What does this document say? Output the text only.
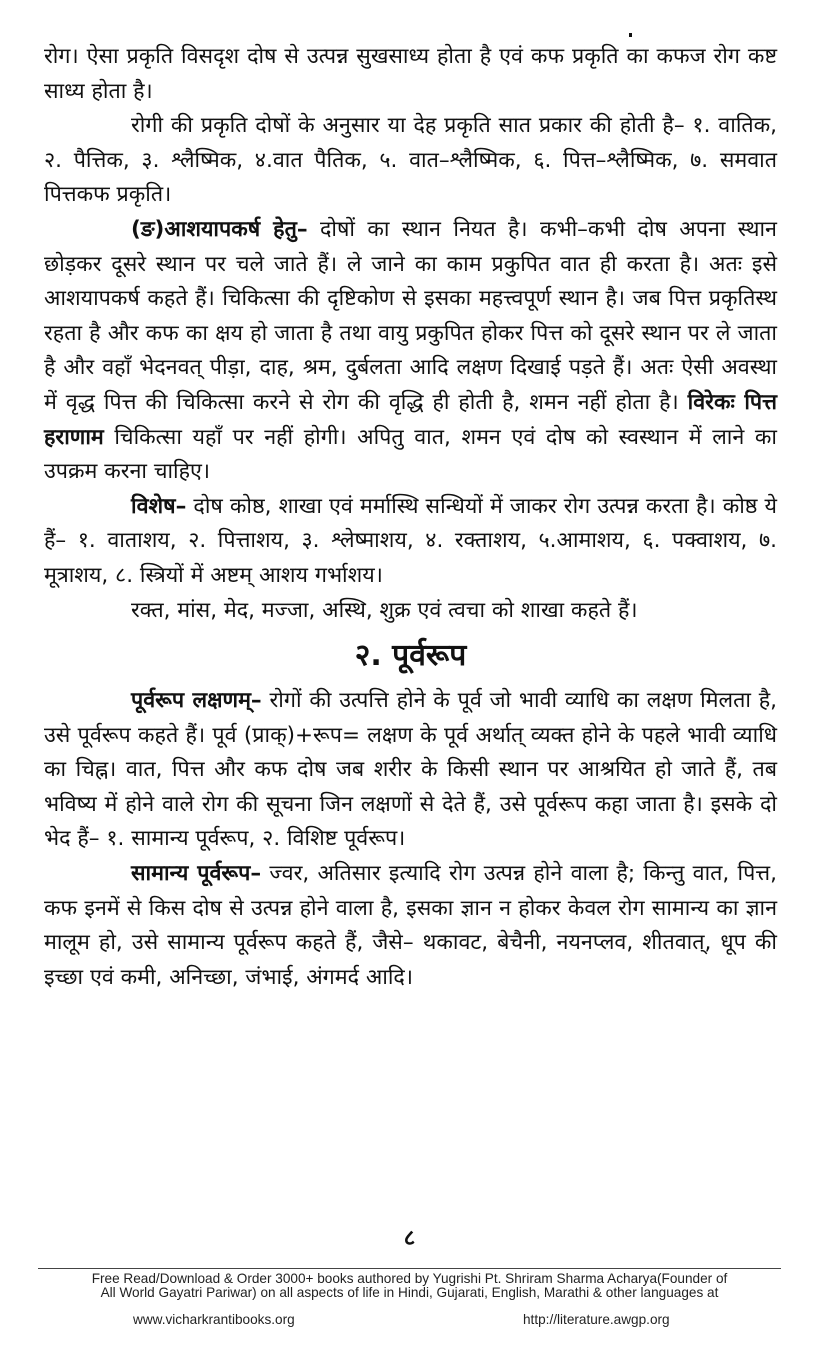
रोग। ऐसा प्रकृति विसदृश दोष से उत्पन्न सुखसाध्य होता है एवं कफ प्रकृति का कफज रोग कष्ट साध्य होता है।

रोगी की प्रकृति दोषों के अनुसार या देह प्रकृति सात प्रकार की होती है– १. वातिक, २. पैत्तिक, ३. श्लैष्मिक, ४.वात पैतिक, ५. वात–श्लैष्मिक, ६. पित्त–श्लैष्मिक, ७. समवात पित्तकफ प्रकृति।

(ङ)आशयापकर्ष हेतु– दोषों का स्थान नियत है। कभी–कभी दोष अपना स्थान छोड़कर दूसरे स्थान पर चले जाते हैं। ले जाने का काम प्रकुपित वात ही करता है। अतः इसे आशयापकर्ष कहते हैं। चिकित्सा की दृष्टिकोण से इसका महत्त्वपूर्ण स्थान है। जब पित्त प्रकृतिस्थ रहता है और कफ का क्षय हो जाता है तथा वायु प्रकुपित होकर पित्त को दूसरे स्थान पर ले जाता है और वहाँ भेदनवत् पीड़ा, दाह, श्रम, दुर्बलता आदि लक्षण दिखाई पड़ते हैं। अतः ऐसी अवस्था में वृद्ध पित्त की चिकित्सा करने से रोग की वृद्धि ही होती है, शमन नहीं होता है। विरेकः पित्त हराणाम चिकित्सा यहाँ पर नहीं होगी। अपितु वात, शमन एवं दोष को स्वस्थान में लाने का उपक्रम करना चाहिए।

विशेष– दोष कोष्ठ, शाखा एवं मर्मास्थि सन्धियों में जाकर रोग उत्पन्न करता है। कोष्ठ ये हैं– १. वाताशय, २. पित्ताशय, ३. श्लेष्माशय, ४. रक्ताशय, ५.आमाशय, ६. पक्वाशय, ७. मूत्राशय, ८. स्त्रियों में अष्टम् आशय गर्भाशय।

रक्त, मांस, मेद, मज्जा, अस्थि, शुक्र एवं त्वचा को शाखा कहते हैं।

२. पूर्वरूप

पूर्वरूप लक्षणम्– रोगों की उत्पत्ति होने के पूर्व जो भावी व्याधि का लक्षण मिलता है, उसे पूर्वरूप कहते हैं। पूर्व (प्राक्)+रूप= लक्षण के पूर्व अर्थात् व्यक्त होने के पहले भावी व्याधि का चिह्न। वात, पित्त और कफ दोष जब शरीर के किसी स्थान पर आश्रयित हो जाते हैं, तब भविष्य में होने वाले रोग की सूचना जिन लक्षणों से देते हैं, उसे पूर्वरूप कहा जाता है। इसके दो भेद हैं– १. सामान्य पूर्वरूप, २. विशिष्ट पूर्वरूप।

सामान्य पूर्वरूप– ज्वर, अतिसार इत्यादि रोग उत्पन्न होने वाला है; किन्तु वात, पित्त, कफ इनमें से किस दोष से उत्पन्न होने वाला है, इसका ज्ञान न होकर केवल रोग सामान्य का ज्ञान मालूम हो, उसे सामान्य पूर्वरूप कहते हैं, जैसे– थकावट, बेचैनी, नयनप्लव, शीतवात्, धूप की इच्छा एवं कमी, अनिच्छा, जंभाई, अंगमर्द आदि।

८
Free Read/Download & Order 3000+ books authored by Yugrishi Pt. Shriram Sharma Acharya(Founder of
All World Gayatri Pariwar) on all aspects of life in Hindi, Gujarati, English, Marathi & other languages at
www.vicharkrantibooks.org	http://literature.awgp.org
